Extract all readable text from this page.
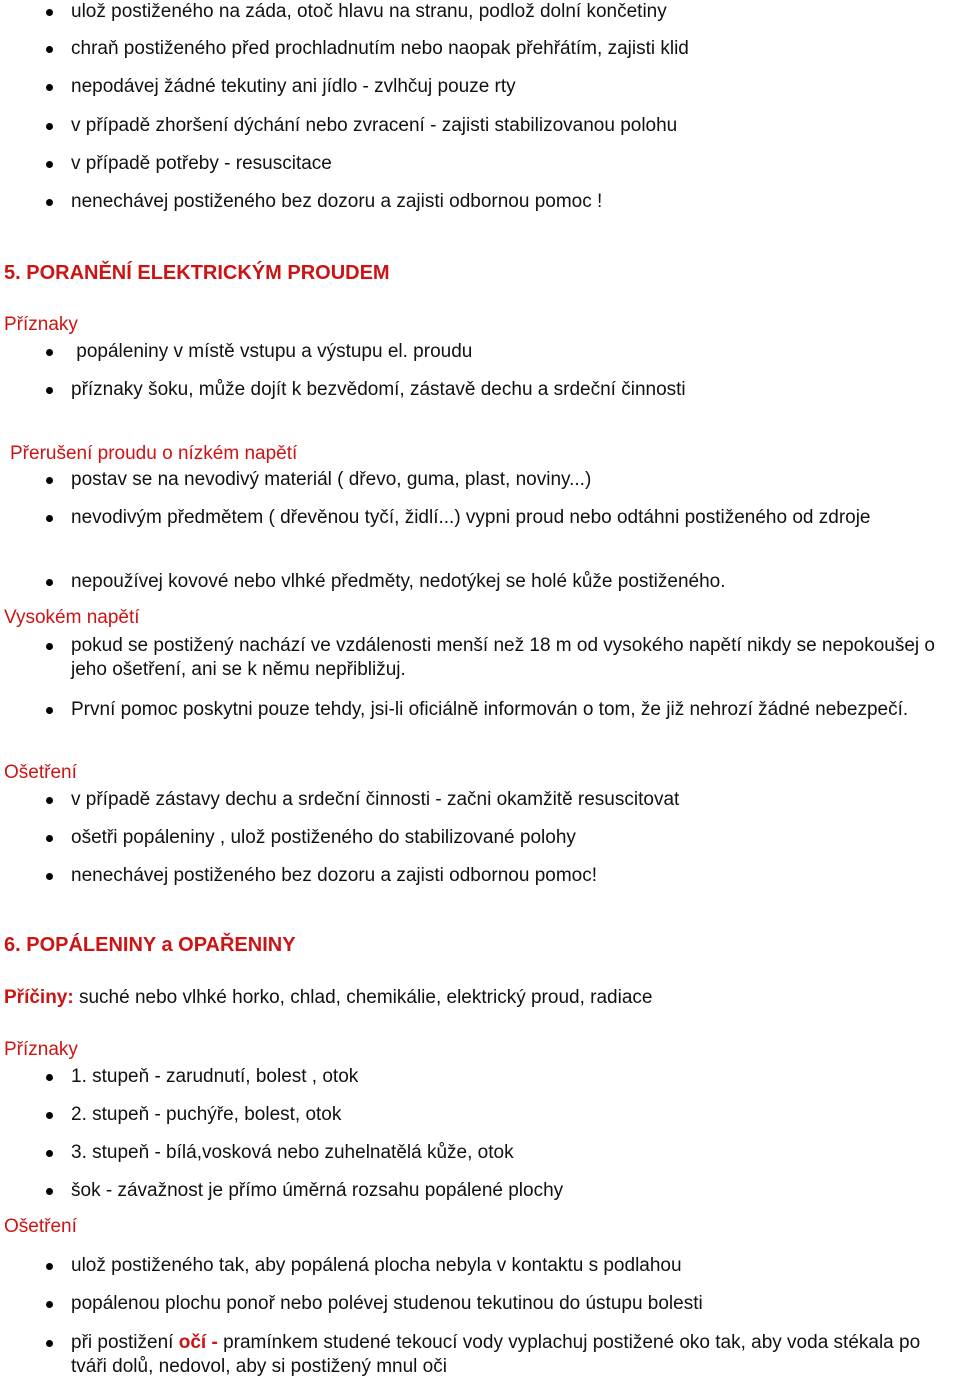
ulož postiženého na záda, otoč hlavu na stranu, podlož dolní končetiny
chraň postiženého před prochladnutím nebo naopak přehřátím, zajisti klid
nepodávej žádné tekutiny ani jídlo - zvlhčuj pouze rty
v případě zhoršení dýchání nebo zvracení - zajisti stabilizovanou polohu
v případě potřeby - resuscitace
nenechávej postiženého bez dozoru a zajisti odbornou pomoc !
5. PORANĚNÍ ELEKTRICKÝM PROUDEM
Příznaky
popáleniny v místě vstupu a výstupu el. proudu
příznaky šoku, může dojít k bezvědomí, zástavě dechu a srdeční činnosti
Přerušení proudu o nízkém napětí
postav se na nevodivý materiál ( dřevo, guma, plast, noviny...)
nevodivým předmětem ( dřevěnou tyčí, židlí...) vypni proud nebo odtáhni postiženého od zdroje
nepoužívej kovové nebo vlhké předměty, nedotýkej se holé kůže postiženého.
Vysokém napětí
pokud se postižený nachází ve vzdálenosti menší než 18 m od vysokého napětí nikdy se nepokoušej o jeho ošetření, ani se k němu nepřibližuj.
První pomoc poskytni pouze tehdy, jsi-li oficiálně informován o tom, že již nehrozí žádné nebezpečí.
Ošetření
v případě zástavy dechu a srdeční činnosti - začni okamžitě resuscitovat
ošetři popáleniny , ulož postiženého do stabilizované polohy
nenechávej postiženého bez dozoru a zajisti odbornou pomoc!
6. POPÁLENINY a OPAŘENINY
Příčiny: suché nebo vlhké horko, chlad, chemikálie, elektrický proud, radiace
Příznaky
1. stupeň - zarudnutí, bolest , otok
2. stupeň - puchýře, bolest, otok
3. stupeň - bílá,vosková nebo zuhelnatělá kůže, otok
šok - závažnost je přímo úměrná rozsahu popálené plochy
Ošetření
ulož postiženého tak, aby popálená plocha nebyla v kontaktu s podlahou
popálenou plochu ponoř nebo polévej studenou tekutinou do ústupu bolesti
při postižení očí - pramínkem studené tekoucí vody vyplachuj postižené oko tak, aby voda stékala po tváři dolů, nedovol, aby si postižený mnul oči
